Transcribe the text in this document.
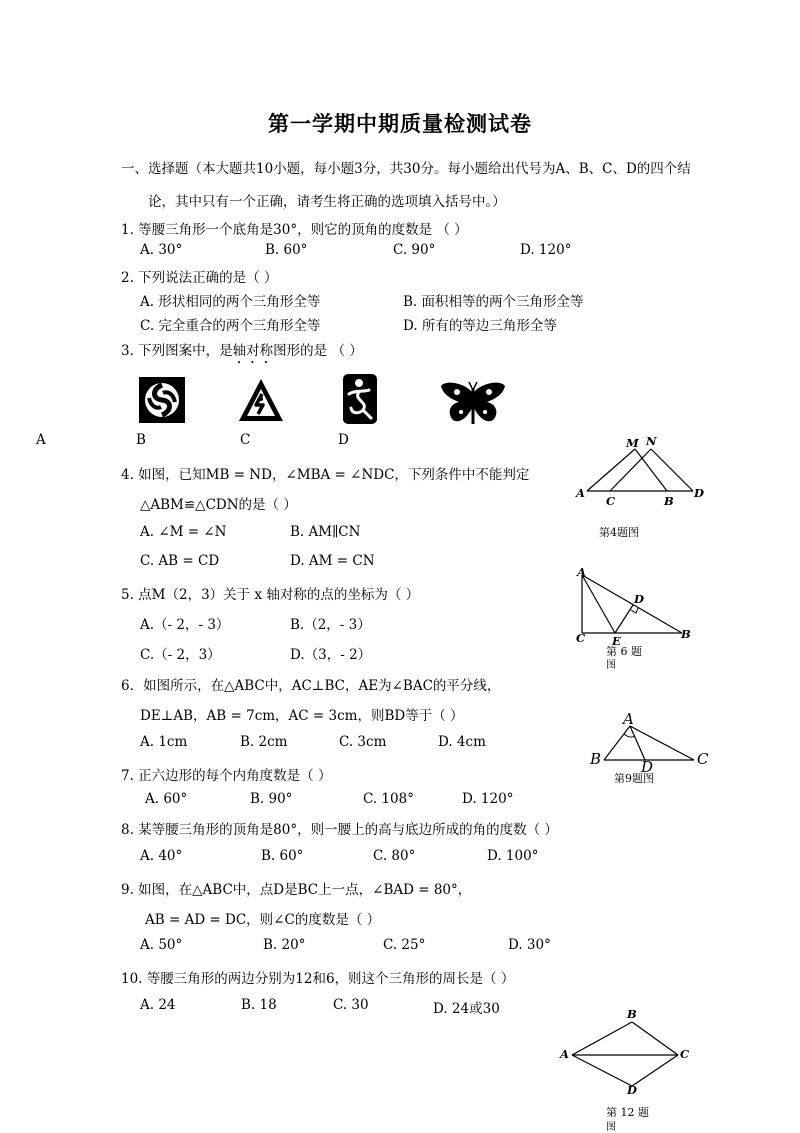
第一学期中期质量检测试卷
一、选择题（本大题共10小题，每小题3分，共30分。每小题给出代号为A、B、C、D的四个结
论，其中只有一个正确，请考生将正确的选项填入括号中。）
1. 等腰三角形一个底角是30°，则它的顶角的度数是 （ ）
A. 30°	B. 60°	C. 90°	D. 120°
2. 下列说法正确的是（ ）
A. 形状相同的两个三角形全等	B. 面积相等的两个三角形全等
C. 完全重合的两个三角形全等	D. 所有的等边三角形全等
3. 下列图案中，是轴对称图形的是 （ ）
A	B	C	D
4. 如图，已知MB = ND，∠MBA = ∠NDC，下列条件中不能判定
△ABM≌△CDN的是（ ）
A. ∠M = ∠N	B. AM∥CN
C. AB = CD	D. AM = CN
M N
A
C	B
D
第4题图
5. 点M（2，3）关于 x 轴对称的点的坐标为（ ）
A.（- 2，- 3）	B.（2，- 3）
C.（- 2，3）	D.（3，- 2）
A
D
C E	B
第 6 题
图
6．如图所示，在△ABC中，AC⊥BC，AE为∠BAC的平分线，
DE⊥AB，AB = 7cm，AC = 3cm，则BD等于（ ）
A. 1cm	B. 2cm	C. 3cm	D. 4cm
A
B	D	C
第9题图
7. 正六边形的每个内角度数是（ ）
A. 60°	B. 90°	C. 108°	D. 120°
8. 某等腰三角形的顶角是80°，则一腰上的高与底边所成的角的度数（ ）
A. 40°	B. 60°	C. 80°	D. 100°
9. 如图，在△ABC中，点D是BC上一点，∠BAD = 80°，
AB = AD = DC，则∠C的度数是（ ）
A. 50°	B. 20°	C. 25°	D. 30°
10. 等腰三角形的两边分别为12和6，则这个三角形的周长是（ ）
A. 24	B. 18	C. 30	D. 24或30	B
A	C
D
第 12 题
图
